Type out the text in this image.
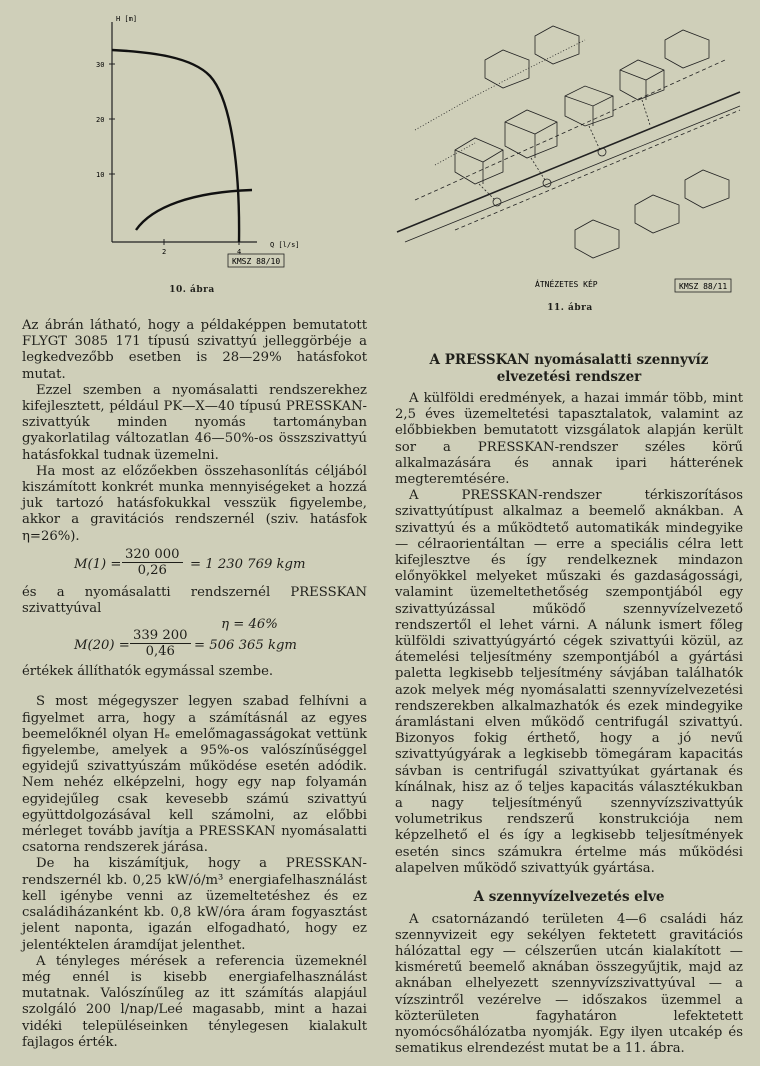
H [m]
30
20
10
2	4
Q [l/s]
KMSZ 88/10
10. ábra

Az ábrán látható, hogy a példaképpen bemutatott FLYGT 3085 171 típusú szivattyú jelleggörbéje a legkedvezőbb esetben is 28—29% hatásfokot mutat.

Ezzel szemben a nyomásalatti rendszerekhez kifejlesztett, például PK—X—40 típusú PRESSKAN-szivattyúk minden nyomás tartományban gyakorlatilag változatlan 46—50%-os összszivattyú hatásfokkal tudnak üzemelni.

Ha most az előzőekben összehasonlítás céljából kiszámított konkrét munka mennyiségeket a hozzá juk tartozó hatásfokukkal vesszük figyelembe, akkor a gravitációs rendszernél (sziv. hatásfok η=26%).

$M(1) = \frac{320 000}{0,26} = 1$ 230 769 kgm

és a nyomásalatti rendszernél PRESSKAN szivattyúval

η = 46%
$M(20) = \frac{339 200}{0,46} = 506$ 365 kgm

értékek állíthatók egymással szembe.

S most mégegyszer legyen szabad felhívni a figyelmet arra, hogy a számításnál az egyes beemelőknél olyan Hₑ emelőmagasságokat vettünk figyelembe, amelyek a 95%-os valószínűséggel egyidejű szivattyúszám működése esetén adódik. Nem nehéz elképzelni, hogy egy nap folyamán egyidejűleg csak kevesebb számú szivattyú együttdolgozásával kell számolni, az előbbi mérleget tovább javítja a PRESSKAN nyomásalatti csatorna rendszerek járása.

De ha kiszámítjuk, hogy a PRESSKAN-rendszernél kb. 0,25 kW/ó/m³ energiafelhasználást kell igénybe venni az üzemeltetéshez és ez családiházanként kb. 0,8 kW/óra áram fogyasztást jelent naponta, igazán elfogadható, hogy ez jelentéktelen áramdíjat jelenthet.

A tényleges mérések a referencia üzemeknél még ennél is kisebb energiafelhasználást mutatnak. Valószínűleg az itt számítás alapjául szolgáló 200 l/nap/Leé magasabb, mint a hazai vidéki településeinken ténylegesen kialakult fajlagos érték.

ÁTNÉZETES KÉP	KMSZ 88/11
11. ábra
A PRESSKAN nyomásalatti szennyvíz elvezetési rendszer

A külföldi eredmények, a hazai immár több, mint 2,5 éves üzemeltetési tapasztalatok, valamint az előbbiekben bemutatott vizsgálatok alapján került sor a PRESSKAN-rendszer széles körű alkalmazására és annak ipari hátterének megteremtésére.

A PRESSKAN-rendszer térkiszorításos szivattyútípust alkalmaz a beemelő aknákban. A szivattyú és a működtető automatikák mindegyike — célraorientáltan — erre a speciális célra lett kifejlesztve és így rendelkeznek mindazon előnyökkel melyeket műszaki és gazdaságossági, valamint üzemeltethetőség szempontjából egy szivattyúzással működő szennyvízelvezető rendszertől el lehet várni. A nálunk ismert főleg külföldi szivattyúgyártó cégek szivattyúi közül, az átemelési teljesítmény szempontjából a gyártási paletta legkisebb teljesítmény sávjában találhatók azok melyek még nyomásalatti szennyvízelvezetési rendszerekben alkalmazhatók és ezek mindegyike áramlástani elven működő centrifugál szivattyú. Bizonyos fokig érthető, hogy a jó nevű szivattyúgyárak a legkisebb tömegáram kapacitás sávban is centrifugál szivattyúkat gyártanak és kínálnak, hisz az ő teljes kapacitás választékukban a nagy teljesítményű szennyvízszivattyúk volumetrikus rendszerű konstrukciója nem képzelhető el és így a legkisebb teljesítmények esetén sincs számukra értelme más működési alapelven működő szivattyúk gyártása.

A szennyvízelvezetés elve

A csatornázandó területen 4—6 családi ház szennyvizeit egy sekélyen fektetett gravitációs hálózattal egy — célszerűen utcán kialakított — kisméretű beemelő aknában összegyűjtik, majd az aknában elhelyezett szennyvízszivattyúval — a vízszintről vezérelve — időszakos üzemmel a közterületen fagyhatáron lefektetett nyomócsőhálózatba nyomják. Egy ilyen utcakép és sematikus elrendezést mutat be a 11. ábra.
